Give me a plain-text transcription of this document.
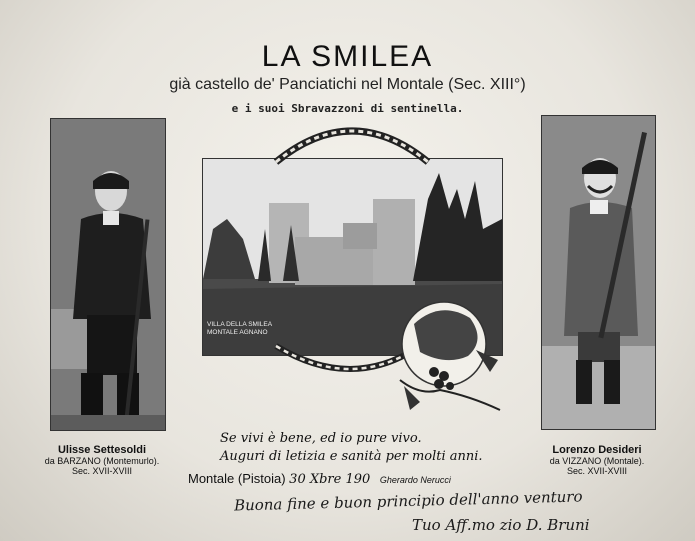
LA SMILEA
già castello de' Panciatichi nel Montale (Sec. XIII°)
e i suoi Sbravazzoni di sentinella.
VILLA DELLA SMILEA MONTALE AGNANO
Ulisse Settesoldi
da BARZANO (Montemurlo).
Sec. XVII-XVIII
Lorenzo Desideri
da VIZZANO (Montale).
Sec. XVII-XVIII
Se vivi è bene, ed io pure vivo.
Auguri di letizia e sanità per molti anni.
Montale (Pistoia) 30 Xbre 190 Gherardo Nerucci
Buona fine e buon principio dell'anno venturo
Tuo Aff.mo zio D. Bruni
